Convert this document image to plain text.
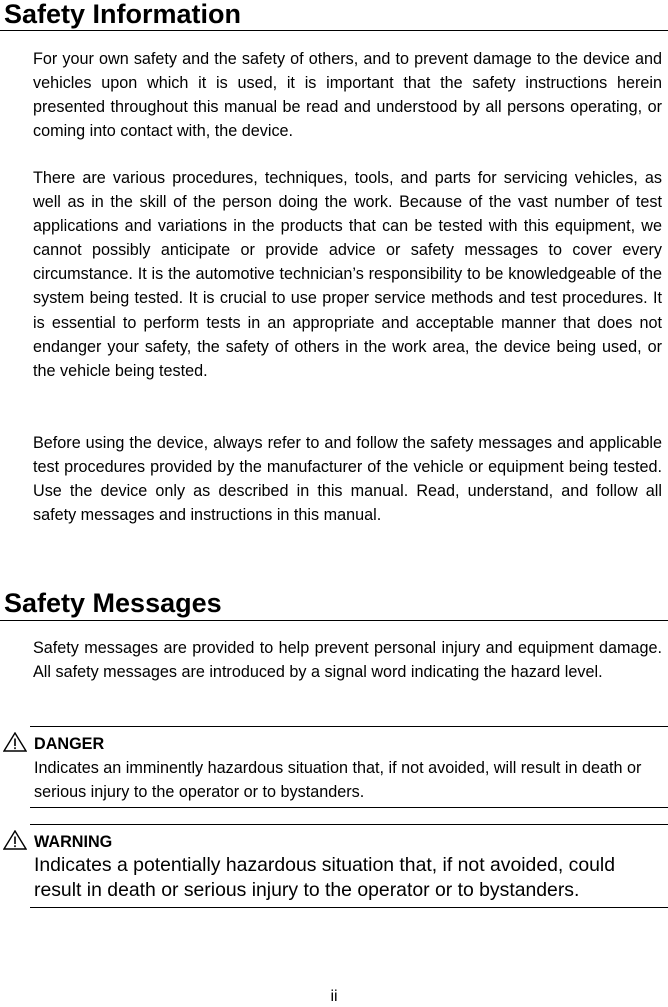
Safety Information

For your own safety and the safety of others, and to prevent damage to the device and vehicles upon which it is used, it is important that the safety instructions herein presented throughout this manual be read and understood by all persons operating, or coming into contact with, the device.

There are various procedures, techniques, tools, and parts for servicing vehicles, as well as in the skill of the person doing the work. Because of the vast number of test applications and variations in the products that can be tested with this equipment, we cannot possibly anticipate or provide advice or safety messages to cover every circumstance. It is the automotive technician’s responsibility to be knowledgeable of the system being tested. It is crucial to use proper service methods and test procedures. It is essential to perform tests in an appropriate and acceptable manner that does not endanger your safety, the safety of others in the work area, the device being used, or the vehicle being tested.

Before using the device, always refer to and follow the safety messages and applicable test procedures provided by the manufacturer of the vehicle or equipment being tested. Use the device only as described in this manual. Read, understand, and follow all safety messages and instructions in this manual.

Safety Messages

Safety messages are provided to help prevent personal injury and equipment damage. All safety messages are introduced by a signal word indicating the hazard level.

DANGER

Indicates an imminently hazardous situation that, if not avoided, will result in death or serious injury to the operator or to bystanders.

WARNING

Indicates a potentially hazardous situation that, if not avoided, could result in death or serious injury to the operator or to bystanders.

ii
